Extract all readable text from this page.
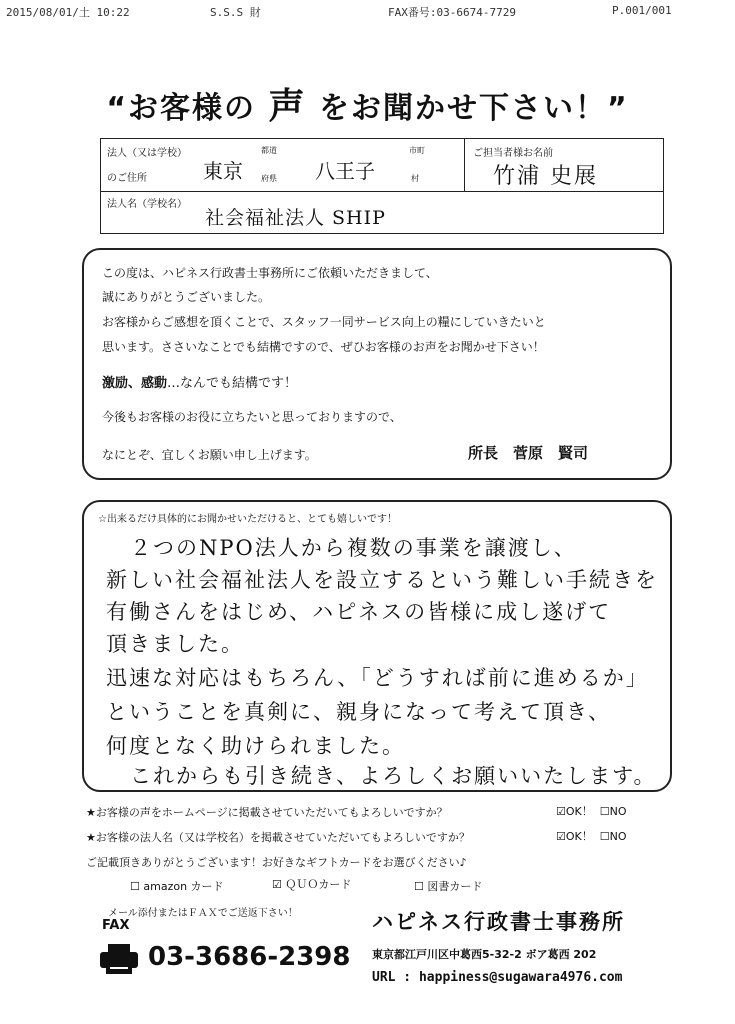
2015/08/01/土 10:22	S.S.S 財	FAX番号:03-6674-7729	P.001/001
“お客様の 声 をお聞かせ下さい！”
法人（又は学校）
のご住所	東京
都道
府県 八王子
市町
村
ご担当者様お名前
竹浦 史展
法人名（学校名）
社会福祉法人 SHIP

この度は、ハピネス行政書士事務所にご依頼いただきまして、

誠にありがとうございました。

お客様からご感想を頂くことで、スタッフ一同サービス向上の糧にしていきたいと

思います。ささいなことでも結構ですので、ぜひお客様のお声をお聞かせ下さい！

激励、感動…なんでも結構です！

今後もお客様のお役に立ちたいと思っておりますので、

なにとぞ、宜しくお願い申し上げます。	所長　菅原　賢司

☆出来るだけ具体的にお聞かせいただけると、とても嬉しいです！
２つのNPO法人から複数の事業を譲渡し、
新しい社会福祉法人を設立するという難しい手続きを
有働さんをはじめ、ハピネスの皆様に成し遂げて
頂きました。
迅速な対応はもちろん、「どうすれば前に進めるか」
ということを真剣に、親身になって考えて頂き、
何度となく助けられました。
これからも引き続き、よろしくお願いいたします。
★お客様の声をホームページに掲載させていただいてもよろしいですか？	☑OK！ ☐NO
★お客様の法人名（又は学校名）を掲載させていただいてもよろしいですか？	☑OK！ ☐NO
ご記載頂きありがとうございます！お好きなギフトカードをお選びください♪
☐ amazon カード	☑ ＱＵＯカード	☐ 図書カード
メール添付またはＦＡＸでご送返下さい！	ハピネス行政書士事務所
FAX
03-3686-2398 東京都江戸川区中葛西5-32-2 ボア葛西 202
URL : happiness@sugawara4976.com
